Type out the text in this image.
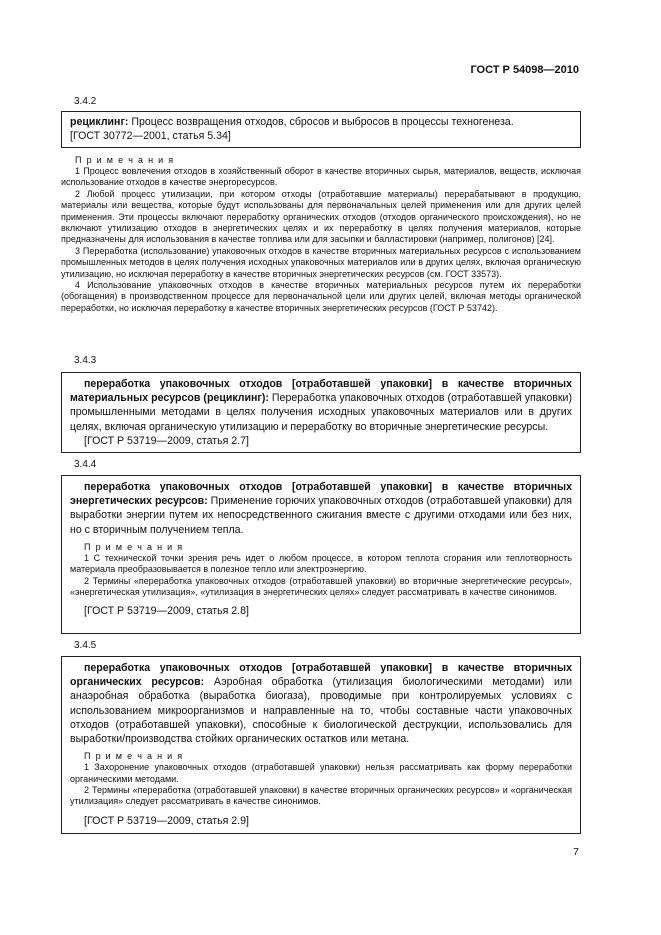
ГОСТ Р 54098—2010
3.4.2

рециклинг: Процесс возвращения отходов, сбросов и выбросов в процессы техногенеза.

[ГОСТ 30772—2001, статья 5.34]

П р и м е ч а н и я

1 Процесс вовлечения отходов в хозяйственный оборот в качестве вторичных сырья, материалов, веществ, исключая использование отходов в качестве энергоресурсов.

2 Любой процесс утилизации, при котором отходы (отработавшие материалы) перерабатывают в продукцию, материалы или вещества, которые будут использованы для первоначальных целей применения или для других целей применения. Эти процессы включают переработку органических отходов (отходов органического происхождения), но не включают утилизацию отходов в энергетических целях и их переработку в целях получения материалов, которые предназначены для использования в качестве топлива или для засыпки и балластировки (например, полигонов) [24].

3 Переработка (использование) упаковочных отходов в качестве вторичных материальных ресурсов с использованием промышленных методов в целях получения исходных упаковочных материалов или в других целях, включая органическую утилизацию, но исключая переработку в качестве вторичных энергетических ресурсов (см. ГОСТ 33573).

4 Использование упаковочных отходов в качестве вторичных материальных ресурсов путем их переработки (обогащения) в производственном процессе для первоначальной цели или других целей, включая методы органической переработки, но исключая переработку в качестве вторичных энергетических ресурсов (ГОСТ Р 53742).

3.4.3

переработка упаковочных отходов [отработавшей упаковки] в качестве вторичных материальных ресурсов (рециклинг): Переработка упаковочных отходов (отработавшей упаковки) промышленными методами в целях получения исходных упаковочных материалов или в других целях, включая органическую утилизацию и переработку во вторичные энергетические ресурсы.

[ГОСТ Р 53719—2009, статья 2.7]

3.4.4

переработка упаковочных отходов [отработавшей упаковки] в качестве вторичных энергетических ресурсов: Применение горючих упаковочных отходов (отработавшей упаковки) для выработки энергии путем их непосредственного сжигания вместе с другими отходами или без них, но с вторичным получением тепла.

П р и м е ч а н и я

1 С технической точки зрения речь идет о любом процессе, в котором теплота сгорания или теплотворность материала преобразовывается в полезное тепло или электроэнергию.

2 Термины «переработка упаковочных отходов (отработавшей упаковки) во вторичные энергетические ресурсы», «энергетическая утилизация», «утилизация в энергетических целях» следует рассматривать в качестве синонимов.

[ГОСТ Р 53719—2009, статья 2.8]

3.4.5

переработка упаковочных отходов [отработавшей упаковки] в качестве вторичных органических ресурсов: Аэробная обработка (утилизация биологическими методами) или анаэробная обработка (выработка биогаза), проводимые при контролируемых условиях с использованием микроорганизмов и направленные на то, чтобы составные части упаковочных отходов (отработавшей упаковки), способные к биологической деструкции, использовались для выработки/производства стойких органических остатков или метана.

П р и м е ч а н и я

1 Захоронение упаковочных отходов (отработавшей упаковки) нельзя рассматривать как форму переработки органическими методами.

2 Термины «переработка (отработавшей упаковки) в качестве вторичных органических ресурсов» и «органическая утилизация» следует рассматривать в качестве синонимов.

[ГОСТ Р 53719—2009, статья 2.9]

7
